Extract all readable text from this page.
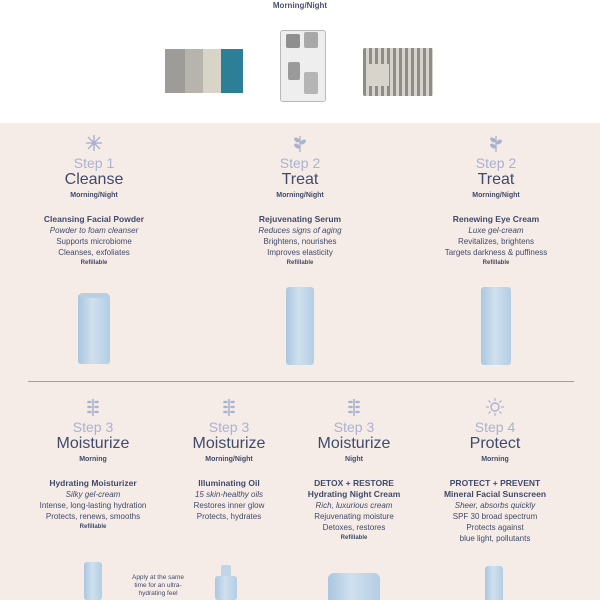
Morning/Night
Step 1
Cleanse
Morning/Night
Cleansing Facial Powder
Powder to foam cleanser
Supports microbiome
Cleanses, exfoliates
Refillable
Step 2
Treat
Morning/Night
Rejuvenating Serum
Reduces signs of aging
Brightens, nourishes
Improves elasticity
Refillable
Step 2
Treat
Morning/Night
Renewing Eye Cream
Luxe gel-cream
Revitalizes, brightens
Targets darkness & puffiness
Refillable
Step 3
Moisturize
Morning
Hydrating Moisturizer
Silky gel-cream
Intense, long-lasting hydration
Protects, renews, smooths
Refillable
Apply at the same time for an ultra-hydrating feel
Step 3
Moisturize
Morning/Night
Illuminating Oil
15 skin-healthy oils
Restores inner glow
Protects, hydrates
Step 3
Moisturize
Night
DETOX + RESTORE
Hydrating Night Cream
Rich, luxurious cream
Rejuvenating moisture
Detoxes, restores
Refillable
Step 4
Protect
Morning
PROTECT + PREVENT
Mineral Facial Sunscreen
Sheer, absorbs quickly
SPF 30 broad spectrum
Protects against
blue light, pollutants
